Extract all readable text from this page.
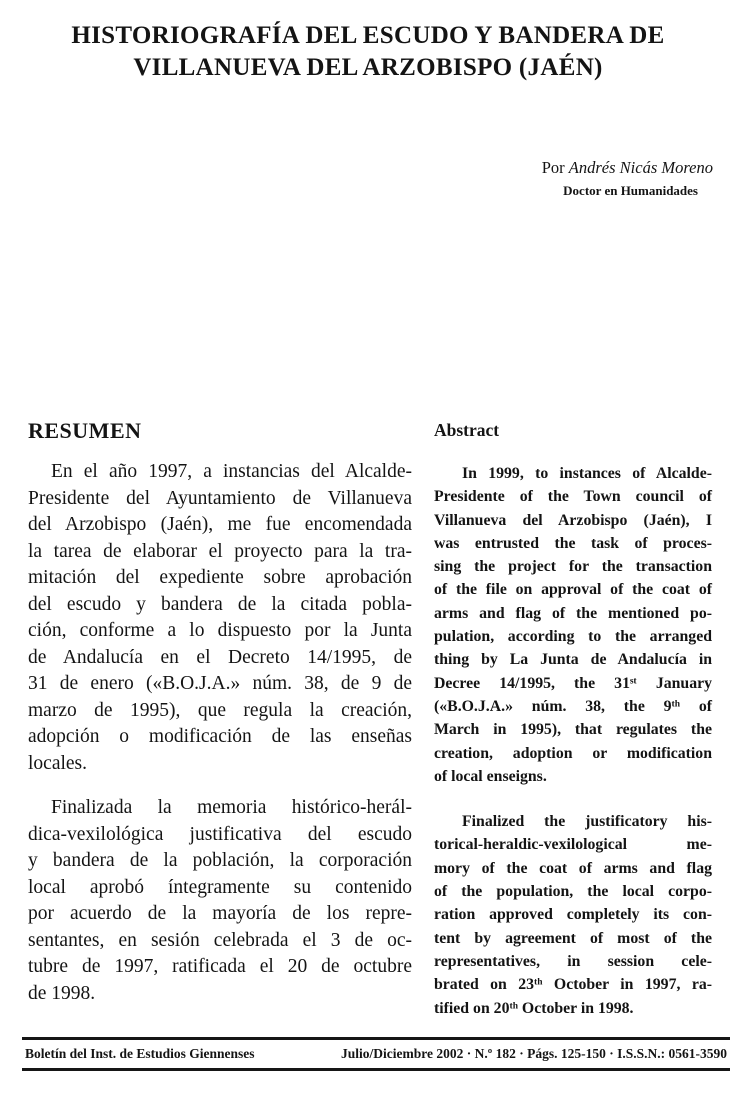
HISTORIOGRAFÍA DEL ESCUDO Y BANDERA DE
VILLANUEVA DEL ARZOBISPO (JAÉN)
Por Andrés Nicás Moreno
Doctor en Humanidades
RESUMEN
En el año 1997, a instancias del Alcalde-
Presidente del Ayuntamiento de Villanueva
del Arzobispo (Jaén), me fue encomendada
la tarea de elaborar el proyecto para la tra-
mitación del expediente sobre aprobación
del escudo y bandera de la citada pobla-
ción, conforme a lo dispuesto por la Junta
de Andalucía en el Decreto 14/1995, de
31 de enero («B.O.J.A.» núm. 38, de 9 de
marzo de 1995), que regula la creación,
adopción o modificación de las enseñas
locales.
Finalizada la memoria histórico-herál-
dica-vexilológica justificativa del escudo
y bandera de la población, la corporación
local aprobó íntegramente su contenido
por acuerdo de la mayoría de los repre-
sentantes, en sesión celebrada el 3 de oc-
tubre de 1997, ratificada el 20 de octubre
de 1998.
Abstract
In 1999, to instances of Alcalde-
Presidente of the Town council of
Villanueva del Arzobispo (Jaén), I
was entrusted the task of proces-
sing the project for the transaction
of the file on approval of the coat of
arms and flag of the mentioned po-
pulation, according to the arranged
thing by La Junta de Andalucía in
Decree 14/1995, the 31ˢᵗ January
(«B.O.J.A.» núm. 38, the 9ᵗʰ of
March in 1995), that regulates the
creation, adoption or modification
of local enseigns.
Finalized the justificatory his-
torical-heraldic-vexilological me-
mory of the coat of arms and flag
of the population, the local corpo-
ration approved completely its con-
tent by agreement of most of the
representatives, in session cele-
brated on 23ᵗʰ October in 1997, ra-
tified on 20ᵗʰ October in 1998.
Boletín del Inst. de Estudios Giennenses	Julio/Diciembre 2002 · N.º 182 · Págs. 125-150 · I.S.S.N.: 0561-3590
